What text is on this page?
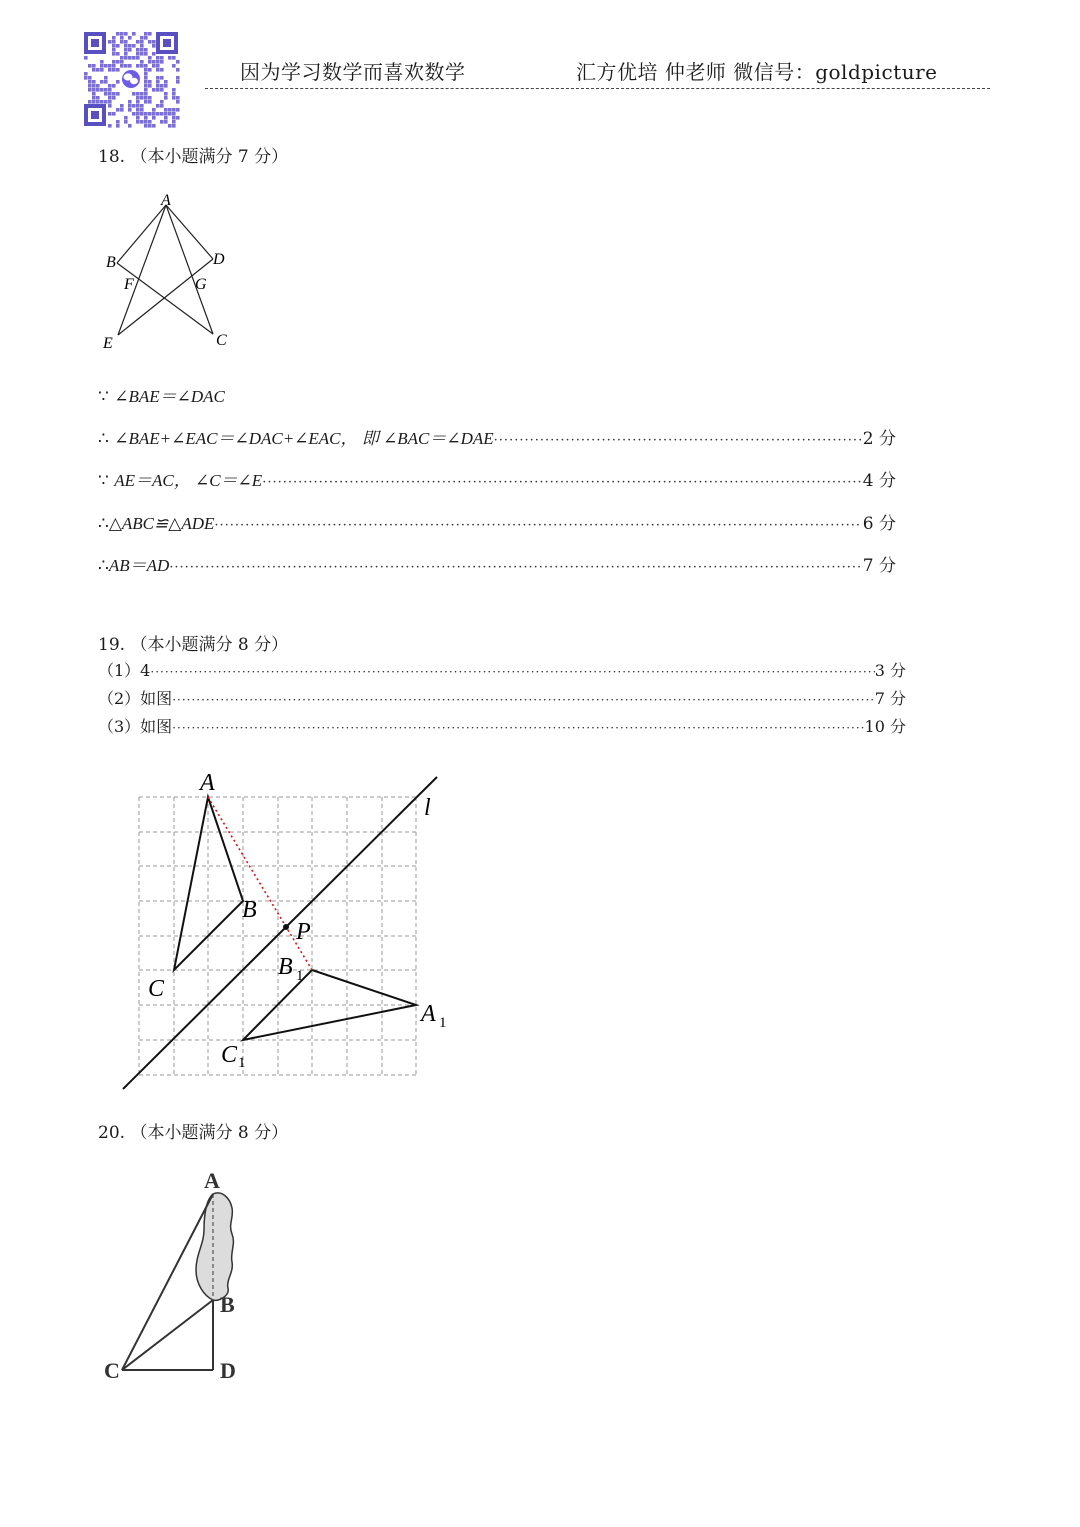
因为学习数学而喜欢数学	汇方优培 仲老师 微信号：goldpicture
18. （本小题满分 7 分）
A
B	D
F	G
E	C
∵ ∠BAE＝∠DAC
∴ ∠BAE+∠EAC＝∠DAC+∠EAC， 即 ∠BAC＝∠DAE ·····	2 分
∵ AE＝AC， ∠C＝∠E ·····	4 分
∴△ABC≌△ADE ·····	6 分
∴AB＝AD ·····	7 分
19. （本小题满分 8 分）
（1）4 ·····	3 分
（2）如图 ·····	7 分
（3）如图 ·····	10 分
A
B
C
P
B 1
A 1
C 1
l
20. （本小题满分 8 分）
A
B
C	D
